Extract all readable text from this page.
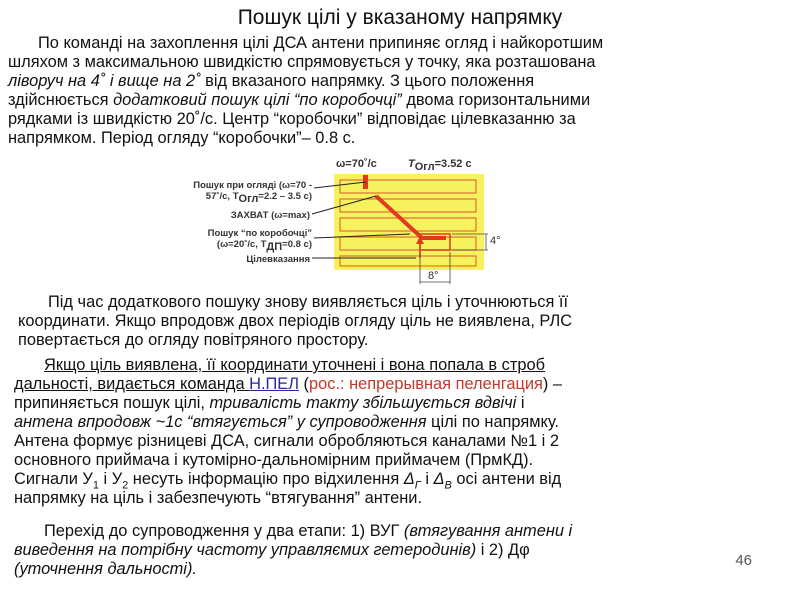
Пошук цілі у вказаному напрямку
По команді на захоплення цілі ДСА антени припиняє огляд і найкоротшим
шляхом з максимальною швидкістю спрямовується у точку, яка розташована
ліворуч на 4˚ і вище на 2˚ від вказаного напрямку. З цього положення
здійснюється додатковий пошук цілі “по коробочці” двома горизонтальними
рядками із швидкістю 20˚/с. Центр “коробочки” відповідає цілевказанню за
напрямком. Період огляду “коробочки”– 0.8 с.
ω=70˚/с	$T_{Огл}=3.52$ с
Пошук при огляді (ω=70 -
57˚/с, $T_{Огл}=2.2 - 3.5$ с)
ЗАХВАТ (ω=max)
Пошук “по коробочці”
(ω=20˚/с, $T_{ДП}=0.8$ с)
Цілевказання
4°
8°
Під час додаткового пошуку знову виявляється ціль і уточнюються її
координати. Якщо впродовж двох періодів огляду ціль не виявлена, РЛС
повертається до огляду повітряного простору.
Якщо ціль виявлена, її координати уточнені і вона попала в строб
дальності, видається команда Н.ПЕЛ (рос.: непрерывная пеленгация) –
припиняється пошук цілі, тривалість такту збільшується вдвічі і
антена впродовж ~1с “втягується” у супроводження цілі по напрямку.
Антена формує різницеві ДСА, сигнали обробляються каналами №1 і 2
основного приймача і кутомірно-дальномірним приймачем (ПрмКД).
Сигнали $У_1$ і $У_2$ несуть інформацію про відхилення $\Delta_Г$ і $\Delta_В$ осі антени від
напрямку на ціль і забезпечують “втягування” антени.
Перехід до супроводження у два етапи: 1) ВУГ (втягування антени і
виведення на потрібну частоту управляємих гетеродинів) і 2) Дφ
(уточнення дальності).	46
